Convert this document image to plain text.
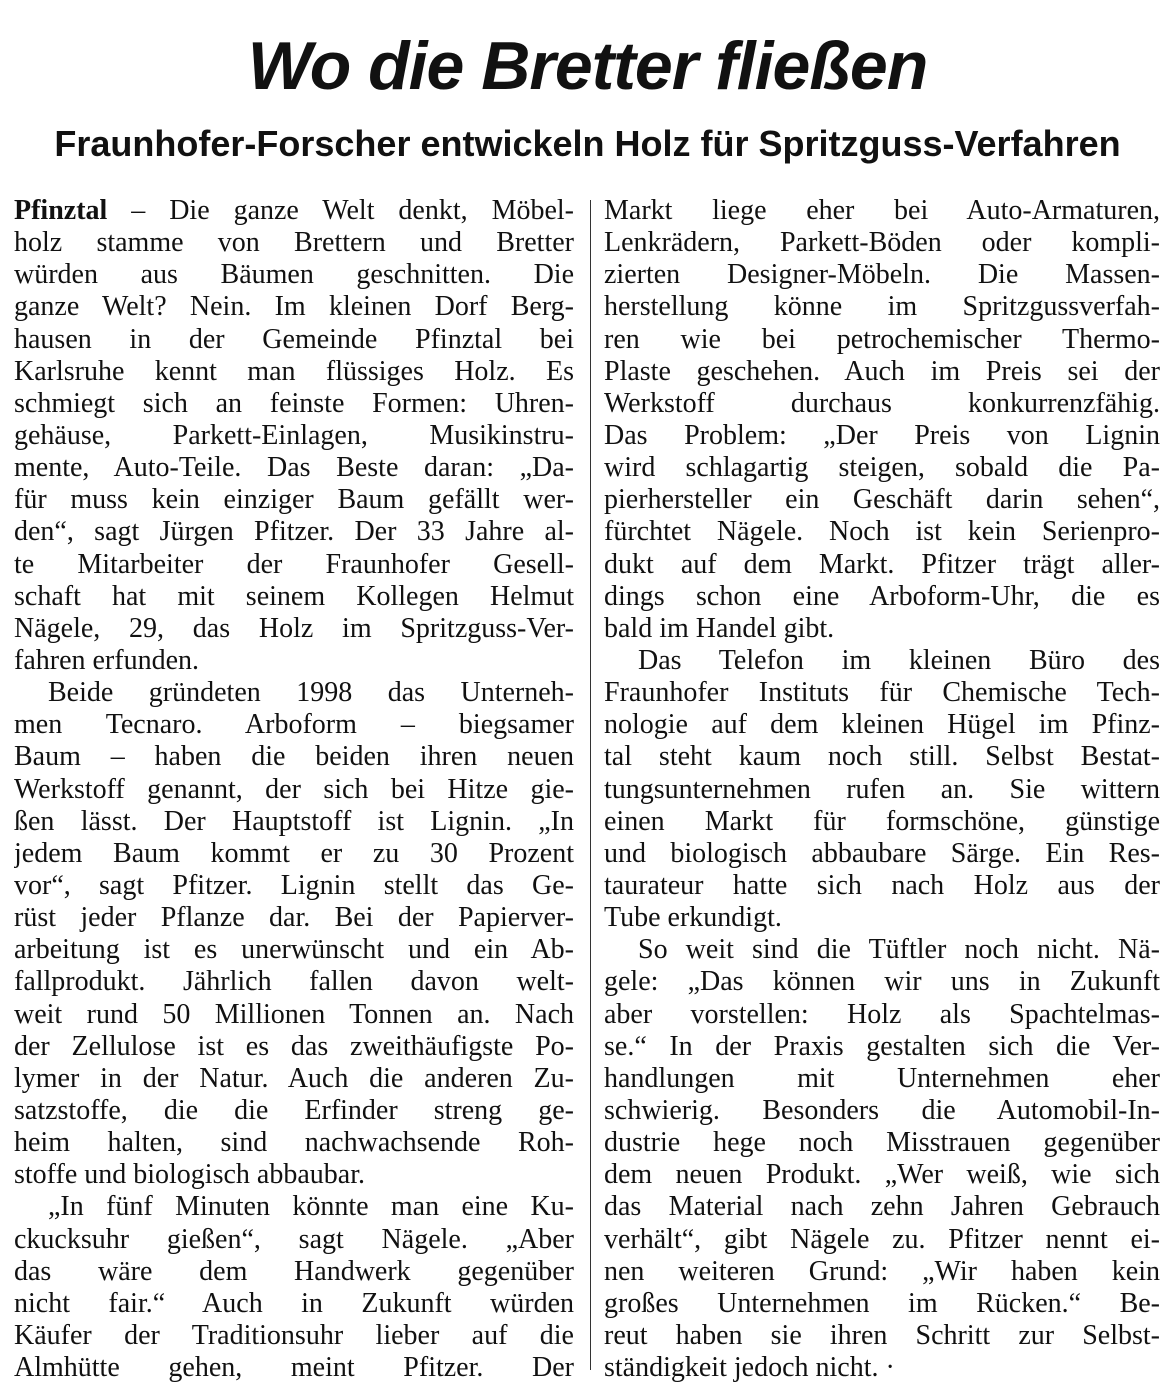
Wo die Bretter fließen
Fraunhofer-Forscher entwickeln Holz für Spritzguss-Verfahren
Pfinztal – Die ganze Welt denkt, Möbel-
holz stamme von Brettern und Bretter
würden aus Bäumen geschnitten. Die
ganze Welt? Nein. Im kleinen Dorf Berg-
hausen in der Gemeinde Pfinztal bei
Karlsruhe kennt man flüssiges Holz. Es
schmiegt sich an feinste Formen: Uhren-
gehäuse, Parkett-Einlagen, Musikinstru-
mente, Auto-Teile. Das Beste daran: „Da-
für muss kein einziger Baum gefällt wer-
den“, sagt Jürgen Pfitzer. Der 33 Jahre al-
te Mitarbeiter der Fraunhofer Gesell-
schaft hat mit seinem Kollegen Helmut
Nägele, 29, das Holz im Spritzguss-Ver-
fahren erfunden.
Beide gründeten 1998 das Unterneh-
men Tecnaro. Arboform – biegsamer
Baum – haben die beiden ihren neuen
Werkstoff genannt, der sich bei Hitze gie-
ßen lässt. Der Hauptstoff ist Lignin. „In
jedem Baum kommt er zu 30 Prozent
vor“, sagt Pfitzer. Lignin stellt das Ge-
rüst jeder Pflanze dar. Bei der Papierver-
arbeitung ist es unerwünscht und ein Ab-
fallprodukt. Jährlich fallen davon welt-
weit rund 50 Millionen Tonnen an. Nach
der Zellulose ist es das zweithäufigste Po-
lymer in der Natur. Auch die anderen Zu-
satzstoffe, die die Erfinder streng ge-
heim halten, sind nachwachsende Roh-
stoffe und biologisch abbaubar.
„In fünf Minuten könnte man eine Ku-
ckucksuhr gießen“, sagt Nägele. „Aber
das wäre dem Handwerk gegenüber
nicht fair.“ Auch in Zukunft würden
Käufer der Traditionsuhr lieber auf die
Almhütte gehen, meint Pfitzer. Der
Markt liege eher bei Auto-Armaturen,
Lenkrädern, Parkett-Böden oder kompli-
zierten Designer-Möbeln. Die Massen-
herstellung könne im Spritzgussverfah-
ren wie bei petrochemischer Thermo-
Plaste geschehen. Auch im Preis sei der
Werkstoff durchaus konkurrenzfähig.
Das Problem: „Der Preis von Lignin
wird schlagartig steigen, sobald die Pa-
pierhersteller ein Geschäft darin sehen“,
fürchtet Nägele. Noch ist kein Serienpro-
dukt auf dem Markt. Pfitzer trägt aller-
dings schon eine Arboform-Uhr, die es
bald im Handel gibt.
Das Telefon im kleinen Büro des
Fraunhofer Instituts für Chemische Tech-
nologie auf dem kleinen Hügel im Pfinz-
tal steht kaum noch still. Selbst Bestat-
tungsunternehmen rufen an. Sie wittern
einen Markt für formschöne, günstige
und biologisch abbaubare Särge. Ein Res-
taurateur hatte sich nach Holz aus der
Tube erkundigt.
So weit sind die Tüftler noch nicht. Nä-
gele: „Das können wir uns in Zukunft
aber vorstellen: Holz als Spachtelmas-
se.“ In der Praxis gestalten sich die Ver-
handlungen mit Unternehmen eher
schwierig. Besonders die Automobil-In-
dustrie hege noch Misstrauen gegenüber
dem neuen Produkt. „Wer weiß, wie sich
das Material nach zehn Jahren Gebrauch
verhält“, gibt Nägele zu. Pfitzer nennt ei-
nen weiteren Grund: „Wir haben kein
großes Unternehmen im Rücken.“ Be-
reut haben sie ihren Schritt zur Selbst-
ständigkeit jedoch nicht. ·
